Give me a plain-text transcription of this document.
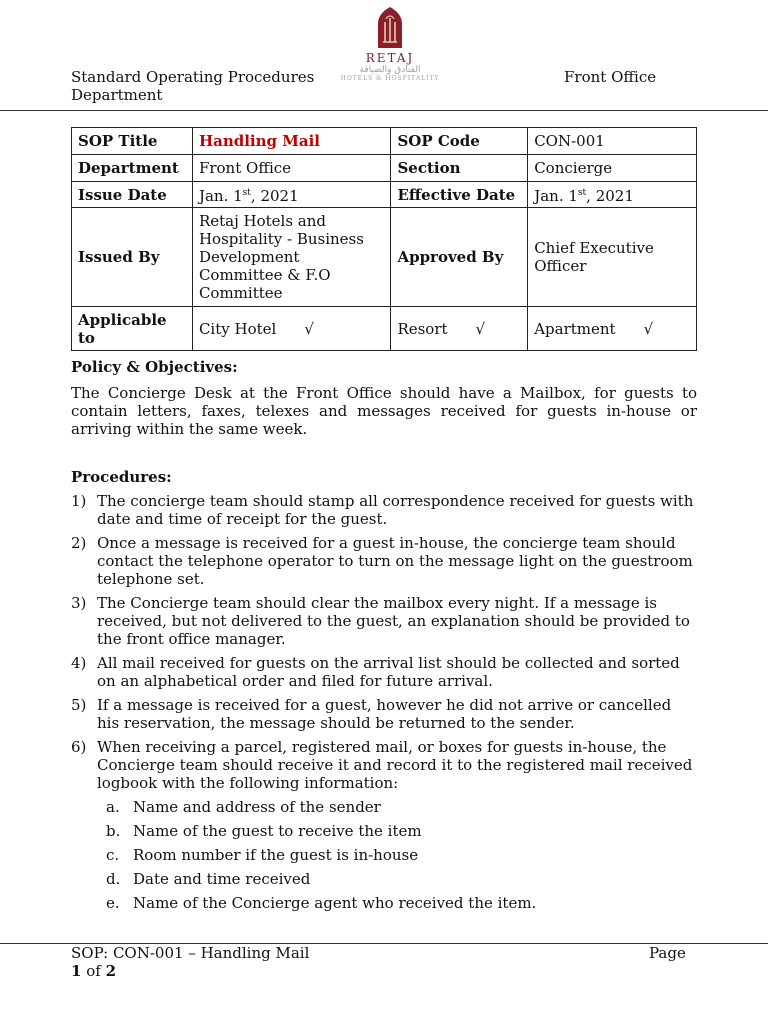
Standard Operating Procedures
Department
RETAJ
الفنادق والضيافة
HOTELS & HOSPITALITY	Front Office
SOP Title	Handling Mail	SOP Code	CON-001
Department	Front Office	Section	Concierge
Issue Date	Jan. 1st, 2021	Effective Date	Jan. 1st, 2021
Issued By	Retaj Hotels and Hospitality - Business Development Committee & F.O Committee	Approved By	Chief Executive Officer
Applicable to	City Hotel √	Resort √	Apartment √

Policy & Objectives:

The Concierge Desk at the Front Office should have a Mailbox, for guests to contain letters, faxes, telexes and messages received for guests in-house or arriving within the same week.

Procedures:

1) The concierge team should stamp all correspondence received for guests with date and time of receipt for the guest.
2) Once a message is received for a guest in-house, the concierge team should contact the telephone operator to turn on the message light on the guestroom telephone set.
3) The Concierge team should clear the mailbox every night. If a message is received, but not delivered to the guest, an explanation should be provided to the front office manager.
4) All mail received for guests on the arrival list should be collected and sorted on an alphabetical order and filed for future arrival.
5) If a message is received for a guest, however he did not arrive or cancelled his reservation, the message should be returned to the sender.
6) When receiving a parcel, registered mail, or boxes for guests in-house, the Concierge team should receive it and record it to the registered mail received logbook with the following information:
a. Name and address of the sender
b. Name of the guest to receive the item
c. Room number if the guest is in-house
d. Date and time received
e. Name of the Concierge agent who received the item.
SOP: CON-001 – Handling Mail
1 of 2
Page
